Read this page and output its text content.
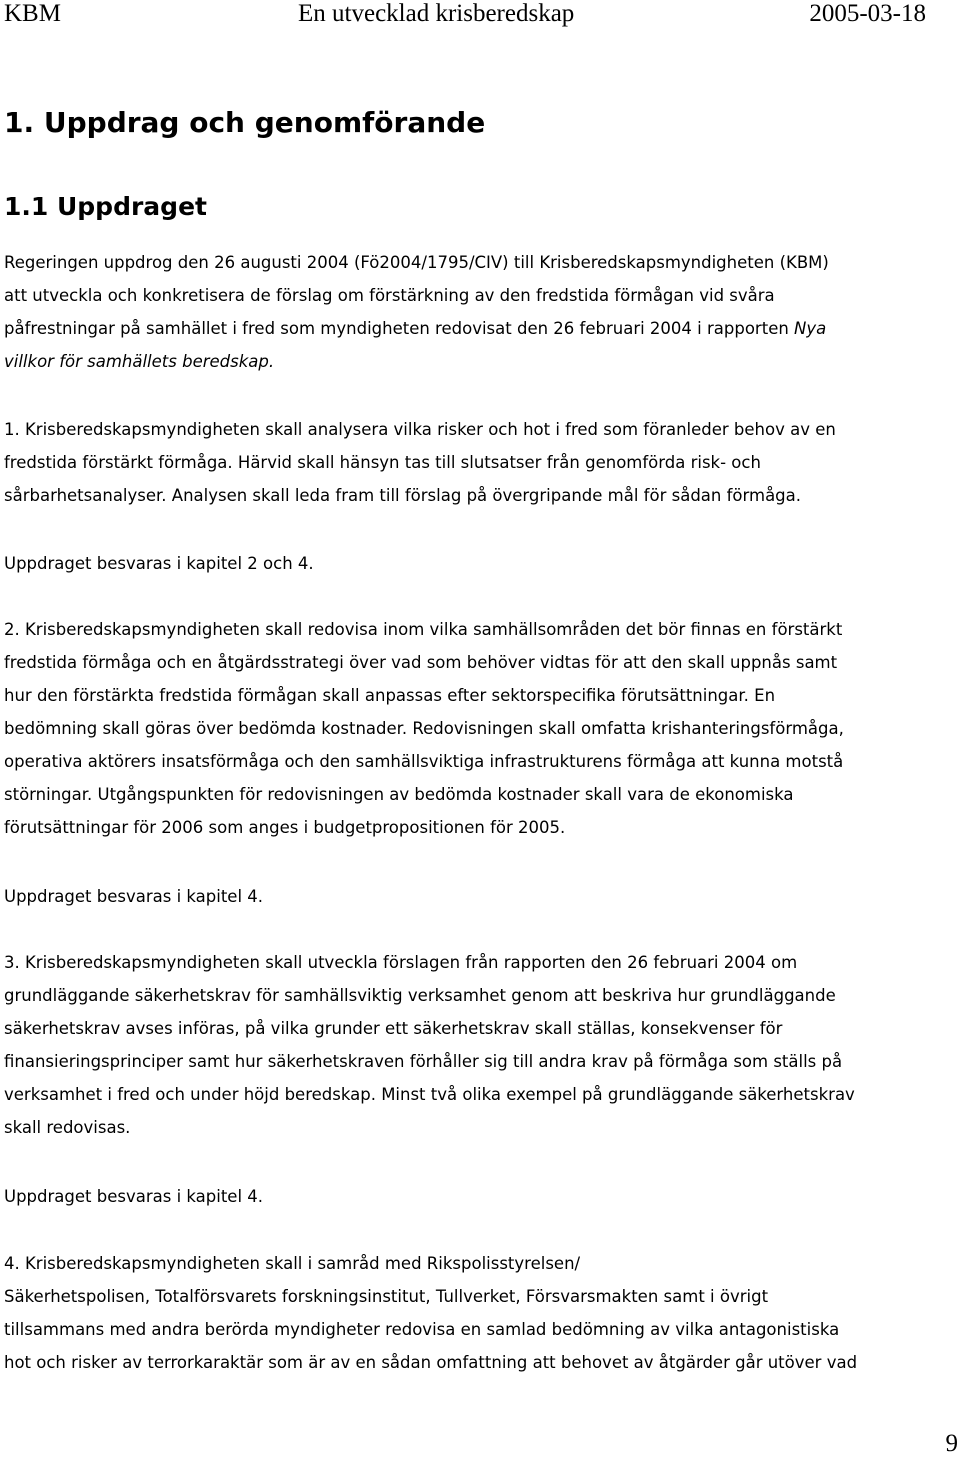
KBM	En utvecklad krisberedskap	2005-03-18
1. Uppdrag och genomförande
1.1 Uppdraget
Regeringen uppdrog den 26 augusti 2004 (Fö2004/1795/CIV) till Krisberedskapsmyndigheten (KBM)
att utveckla och konkretisera de förslag om förstärkning av den fredstida förmågan vid svåra
påfrestningar på samhället i fred som myndigheten redovisat den 26 februari 2004 i rapporten Nya
villkor för samhällets beredskap.
1. Krisberedskapsmyndigheten skall analysera vilka risker och hot i fred som föranleder behov av en
fredstida förstärkt förmåga. Härvid skall hänsyn tas till slutsatser från genomförda risk- och
sårbarhetsanalyser. Analysen skall leda fram till förslag på övergripande mål för sådan förmåga.
Uppdraget besvaras i kapitel 2 och 4.
2. Krisberedskapsmyndigheten skall redovisa inom vilka samhällsområden det bör finnas en förstärkt
fredstida förmåga och en åtgärdsstrategi över vad som behöver vidtas för att den skall uppnås samt
hur den förstärkta fredstida förmågan skall anpassas efter sektorspecifika förutsättningar. En
bedömning skall göras över bedömda kostnader. Redovisningen skall omfatta krishanteringsförmåga,
operativa aktörers insatsförmåga och den samhällsviktiga infrastrukturens förmåga att kunna motstå
störningar. Utgångspunkten för redovisningen av bedömda kostnader skall vara de ekonomiska
förutsättningar för 2006 som anges i budgetpropositionen för 2005.
Uppdraget besvaras i kapitel 4.
3. Krisberedskapsmyndigheten skall utveckla förslagen från rapporten den 26 februari 2004 om
grundläggande säkerhetskrav för samhällsviktig verksamhet genom att beskriva hur grundläggande
säkerhetskrav avses införas, på vilka grunder ett säkerhetskrav skall ställas, konsekvenser för
finansieringsprinciper samt hur säkerhetskraven förhåller sig till andra krav på förmåga som ställs på
verksamhet i fred och under höjd beredskap. Minst två olika exempel på grundläggande säkerhetskrav
skall redovisas.
Uppdraget besvaras i kapitel 4.
4. Krisberedskapsmyndigheten skall i samråd med Rikspolisstyrelsen/
Säkerhetspolisen, Totalförsvarets forskningsinstitut, Tullverket, Försvarsmakten samt i övrigt
tillsammans med andra berörda myndigheter redovisa en samlad bedömning av vilka antagonistiska
hot och risker av terrorkaraktär som är av en sådan omfattning att behovet av åtgärder går utöver vad
9
